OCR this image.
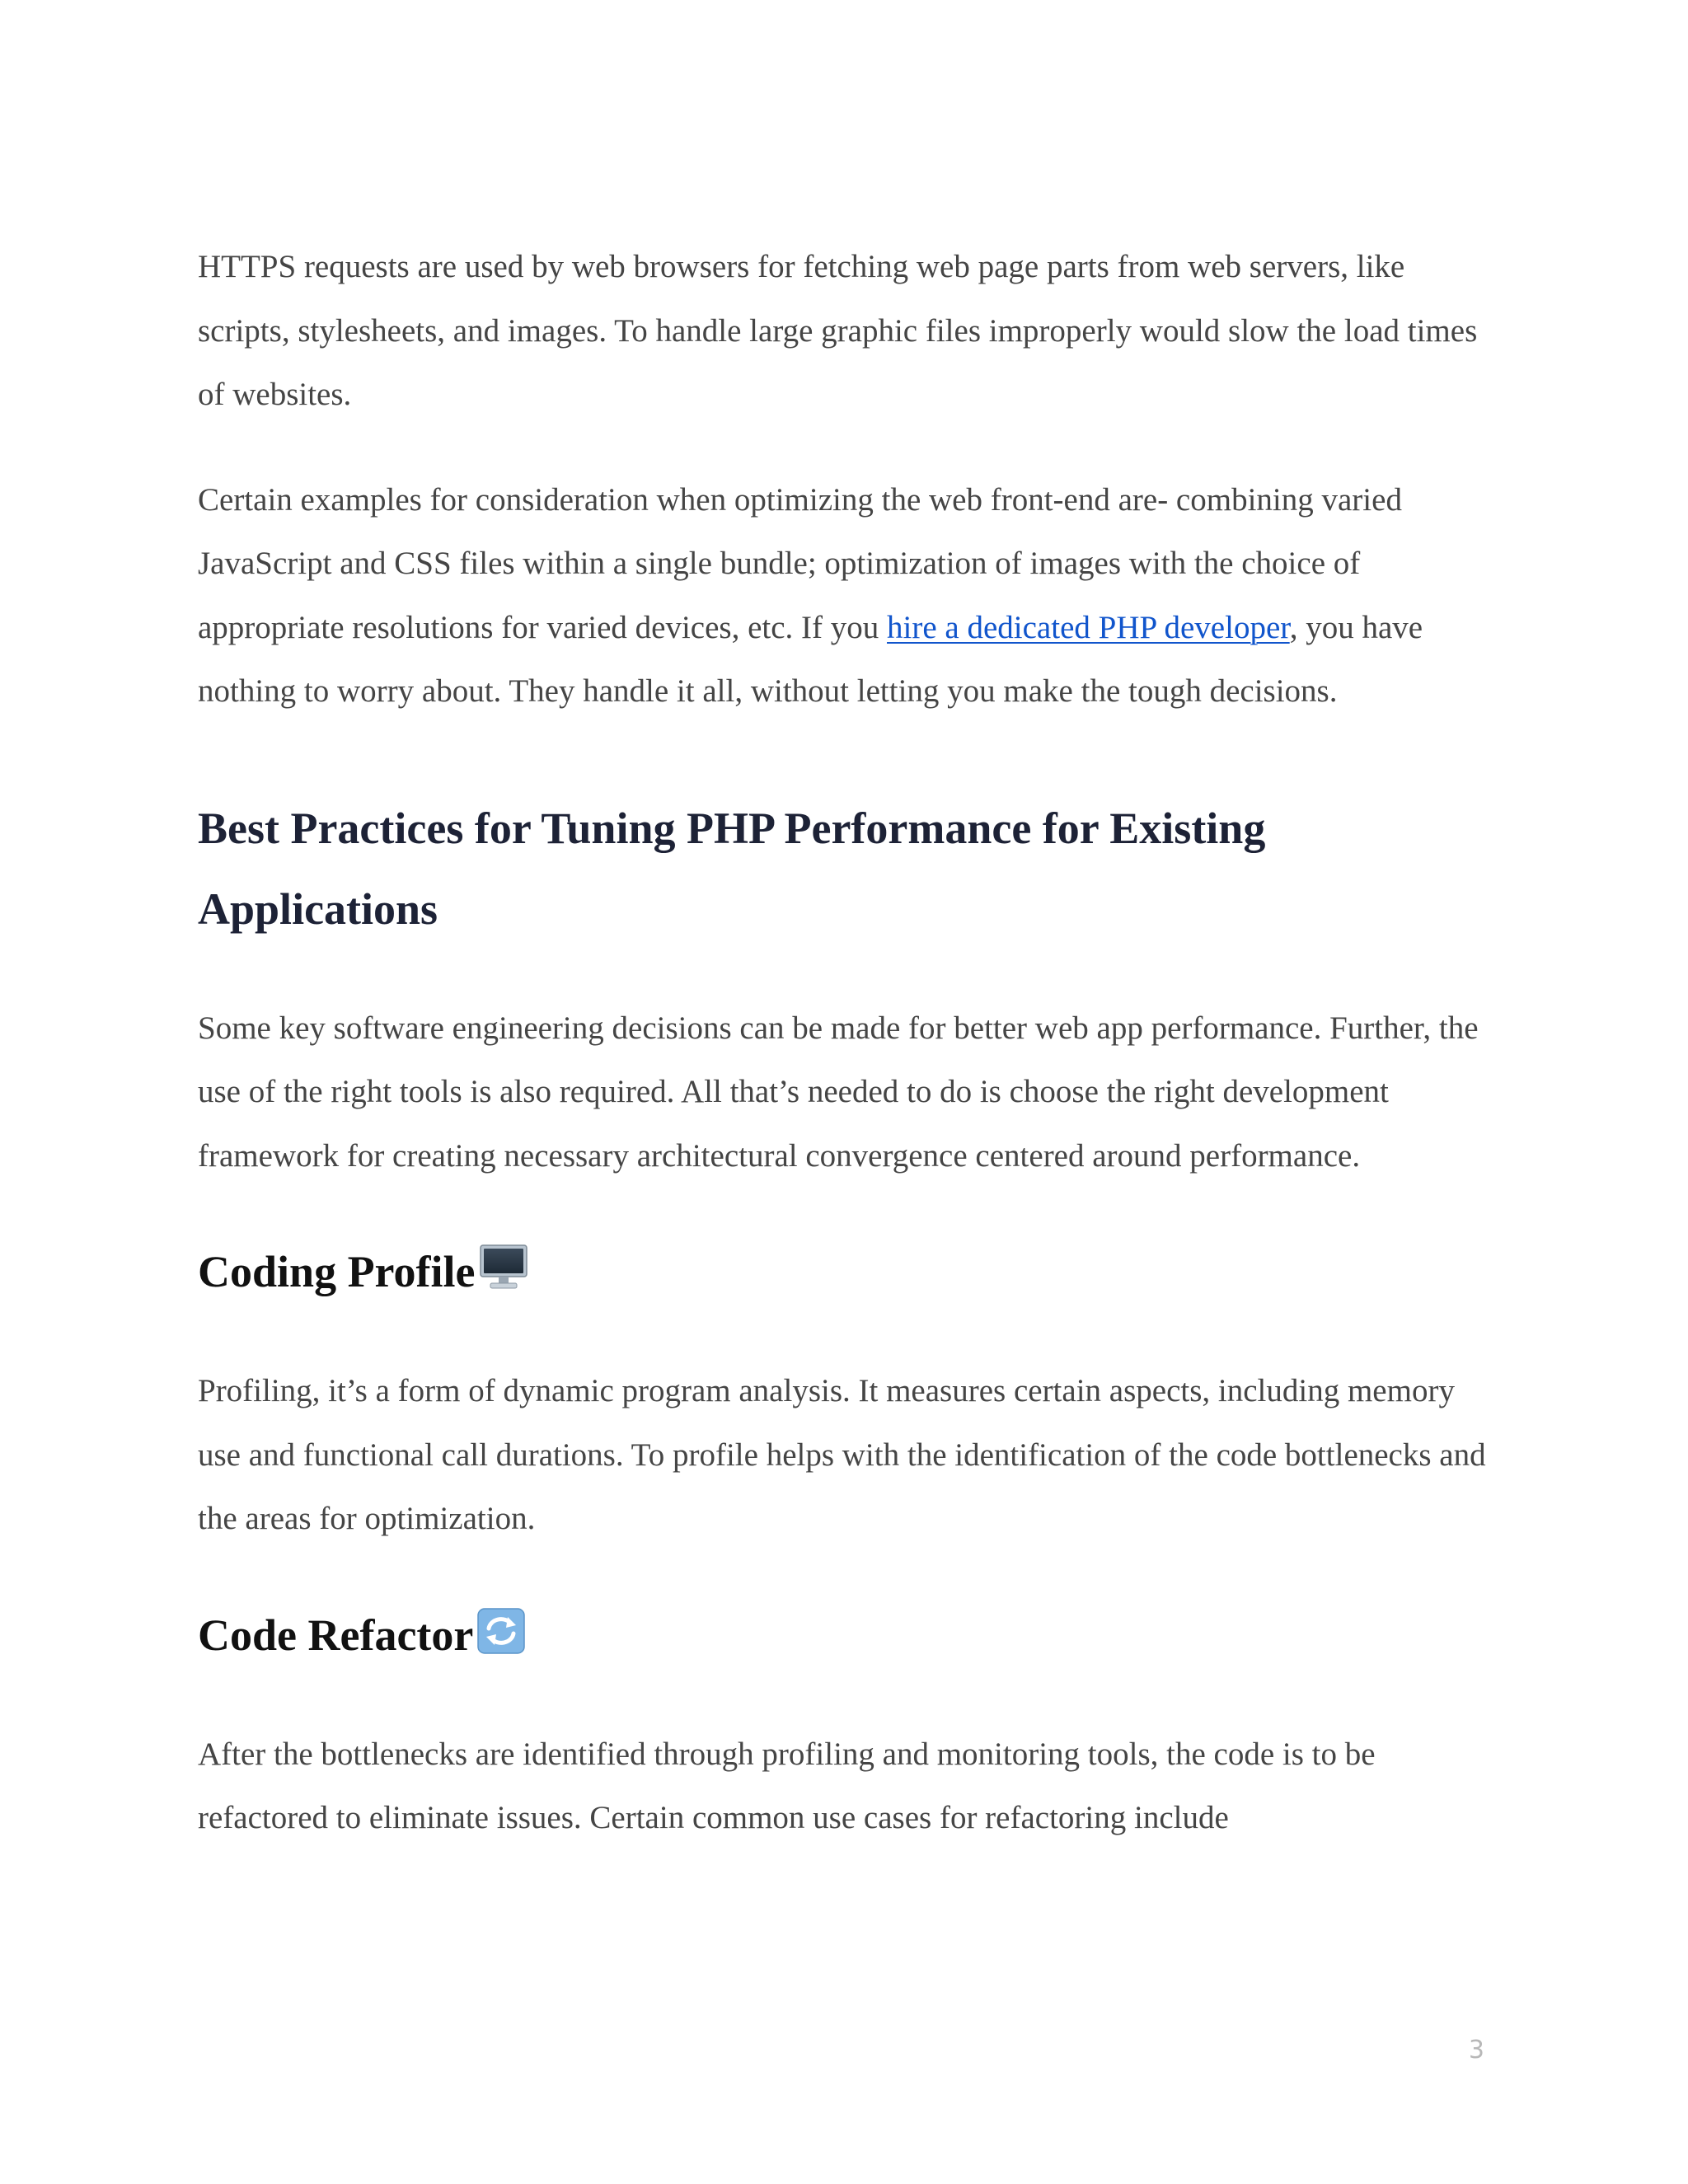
HTTPS requests are used by web browsers for fetching web page parts from web servers, like scripts, stylesheets, and images. To handle large graphic files improperly would slow the load times of websites.

Certain examples for consideration when optimizing the web front-end are- combining varied JavaScript and CSS files within a single bundle; optimization of images with the choice of appropriate resolutions for varied devices, etc. If you hire a dedicated PHP developer, you have nothing to worry about. They handle it all, without letting you make the tough decisions.

Best Practices for Tuning PHP Performance for Existing Applications

Some key software engineering decisions can be made for better web app performance. Further, the use of the right tools is also required. All that’s needed to do is choose the right development framework for creating necessary architectural convergence centered around performance.

Coding Profile

Profiling, it’s a form of dynamic program analysis. It measures certain aspects, including memory use and functional call durations. To profile helps with the identification of the code bottlenecks and the areas for optimization.

Code Refactor

After the bottlenecks are identified through profiling and monitoring tools, the code is to be refactored to eliminate issues. Certain common use cases for refactoring include

3
